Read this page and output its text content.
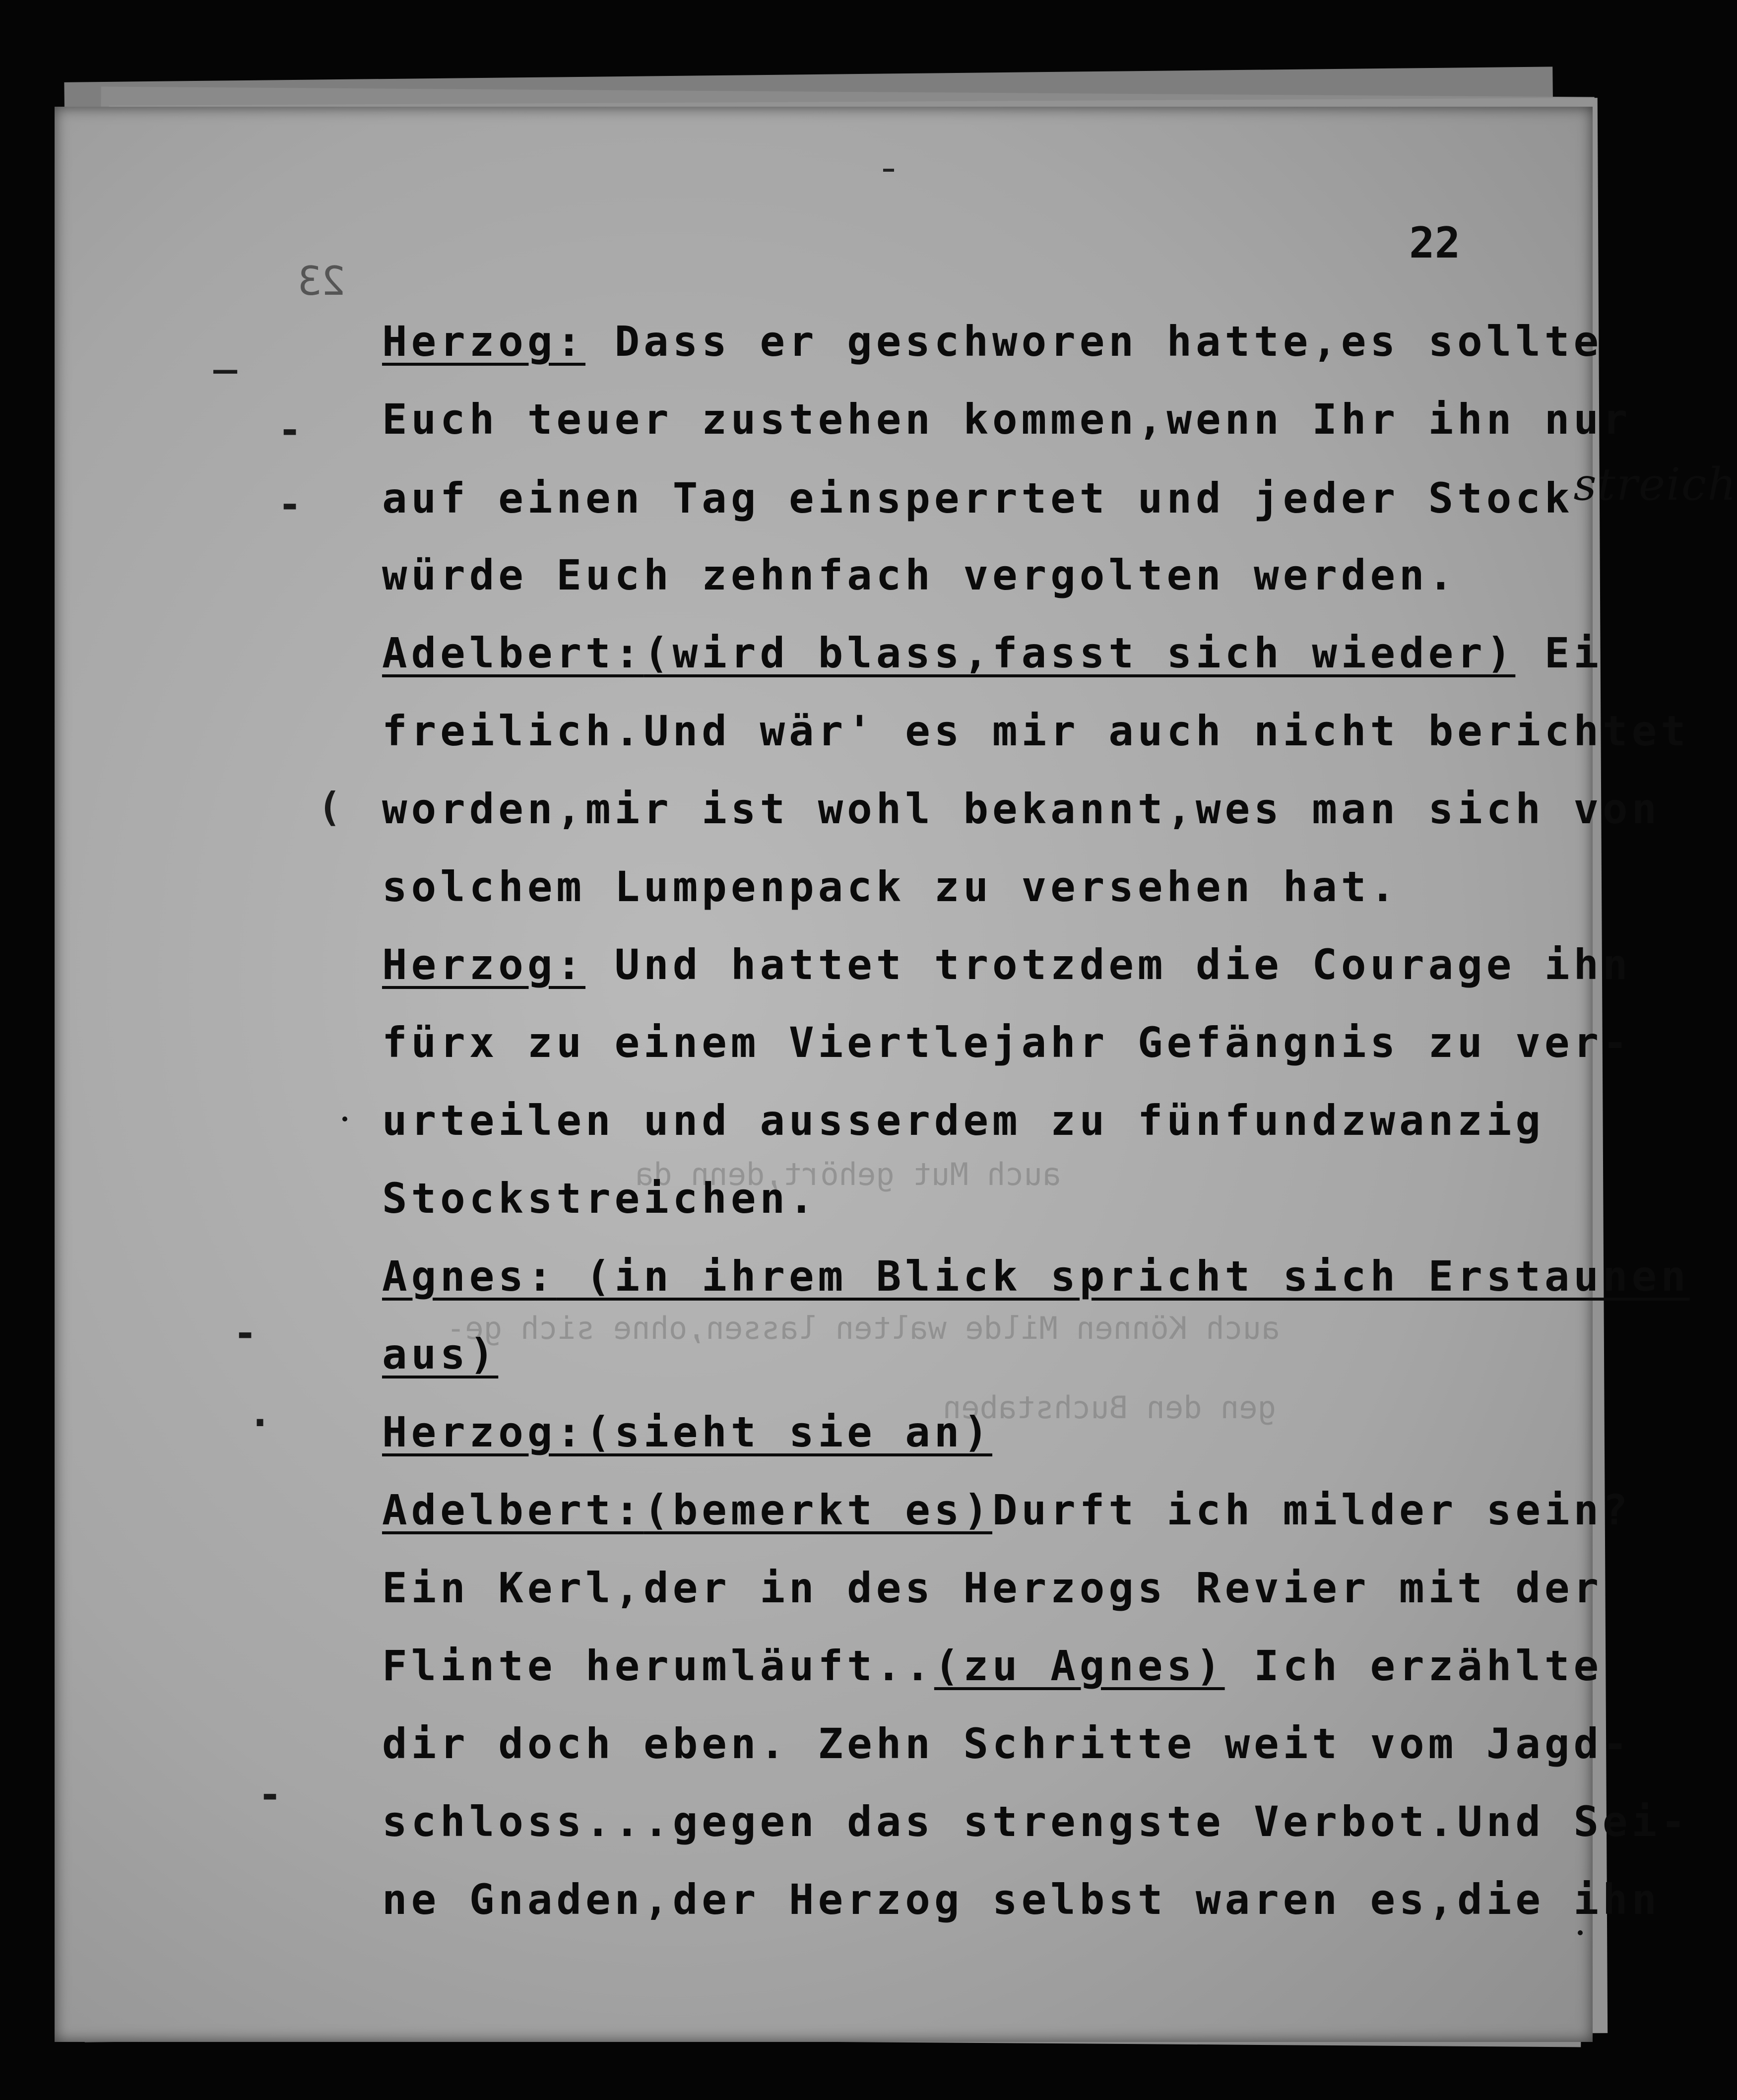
22
23
auch Mut gehört,denn da
auch Können Milde walten lassen,ohne sich ge-
gen den Buchstaben
_
-
-
(
-
.
-
Herzog: Dass er geschworen hatte,es sollte
Euch teuer zustehen kommen,wenn Ihr ihn nur
auf einen Tag einsperrtet und jeder Stockstreich
würde Euch zehnfach vergolten werden.
Adelbert:(wird blass,fasst sich wieder) Ei
freilich.Und wär' es mir auch nicht berichtet
worden,mir ist wohl bekannt,wes man sich von
solchem Lumpenpack zu versehen hat.
Herzog: Und hattet trotzdem die Courage ihn
fürx zu einem Viertlejahr Gefängnis zu ver-
urteilen und ausserdem zu fünfundzwanzig
Stockstreichen.
Agnes: (in ihrem Blick spricht sich Erstaunen
aus)
Herzog:(sieht sie an)
Adelbert:(bemerkt es)Durft ich milder sein?
Ein Kerl,der in des Herzogs Revier mit der
Flinte herumläuft..(zu Agnes) Ich erzählte
dir doch eben. Zehn Schritte weit vom Jagd-
schloss...gegen das strengste Verbot.Und Sei-
ne Gnaden,der Herzog selbst waren es,die ihn
